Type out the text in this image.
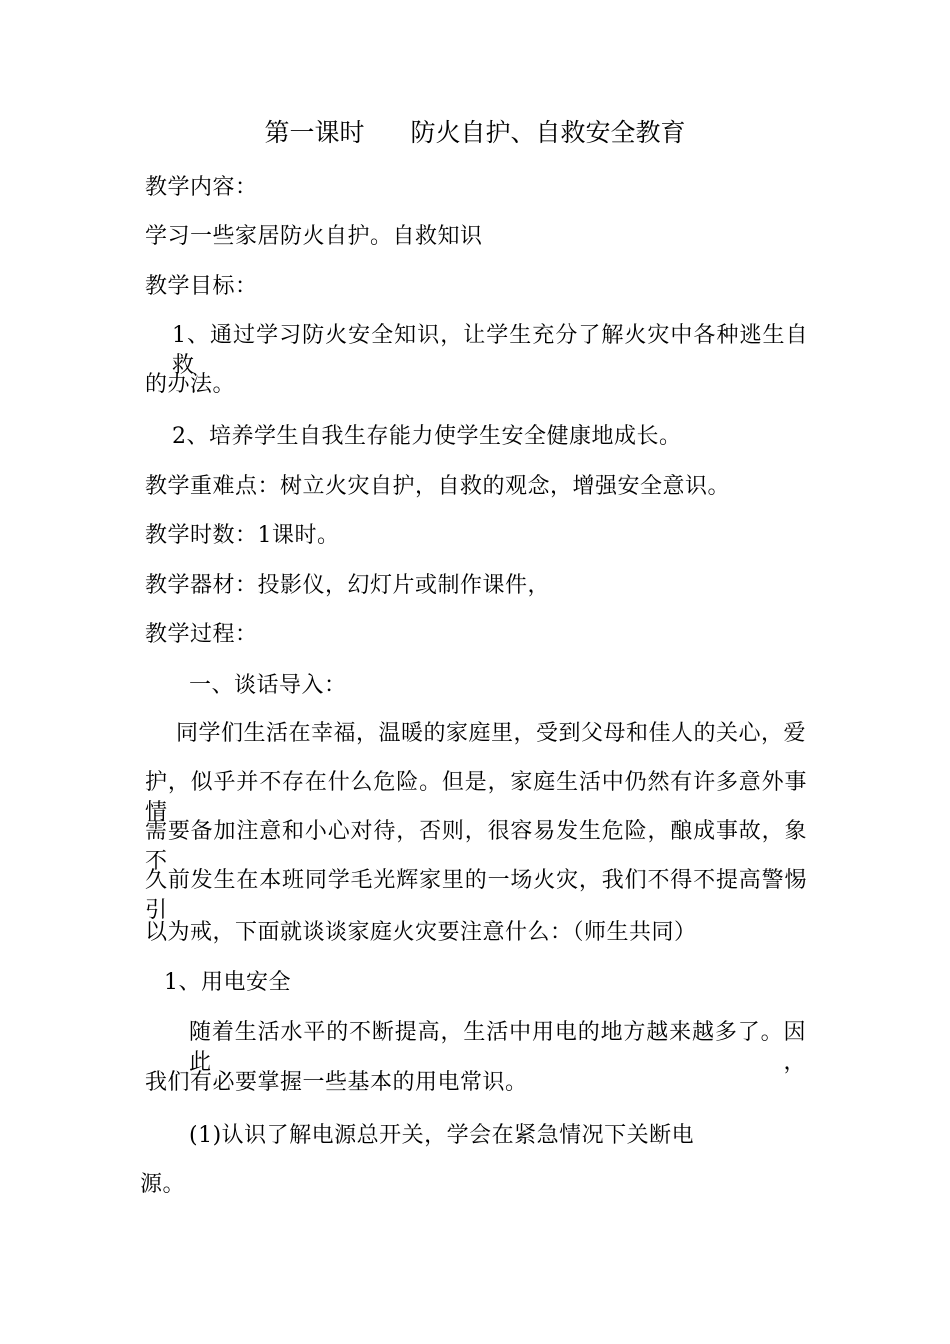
第一课时 防火自护、自救安全教育
教学内容：
学习一些家居防火自护。自救知识
教学目标：
1、通过学习防火安全知识，让学生充分了解火灾中各种逃生自救
的办法。
2、培养学生自我生存能力使学生安全健康地成长。
教学重难点：树立火灾自护，自救的观念，增强安全意识。
教学时数：1课时。
教学器材：投影仪，幻灯片或制作课件，
教学过程：
一、谈话导入：
同学们生活在幸福，温暖的家庭里，受到父母和佳人的关心，爱
护，似乎并不存在什么危险。但是，家庭生活中仍然有许多意外事情
需要备加注意和小心对待，否则，很容易发生危险，酿成事故，象不
久前发生在本班同学毛光辉家里的一场火灾，我们不得不提高警惕引
以为戒，下面就谈谈家庭火灾要注意什么：（师生共同）
1、用电安全
随着生活水平的不断提高，生活中用电的地方越来越多了。因此，
我们有必要掌握一些基本的用电常识。
(1)认识了解电源总开关，学会在紧急情况下关断电
源。
